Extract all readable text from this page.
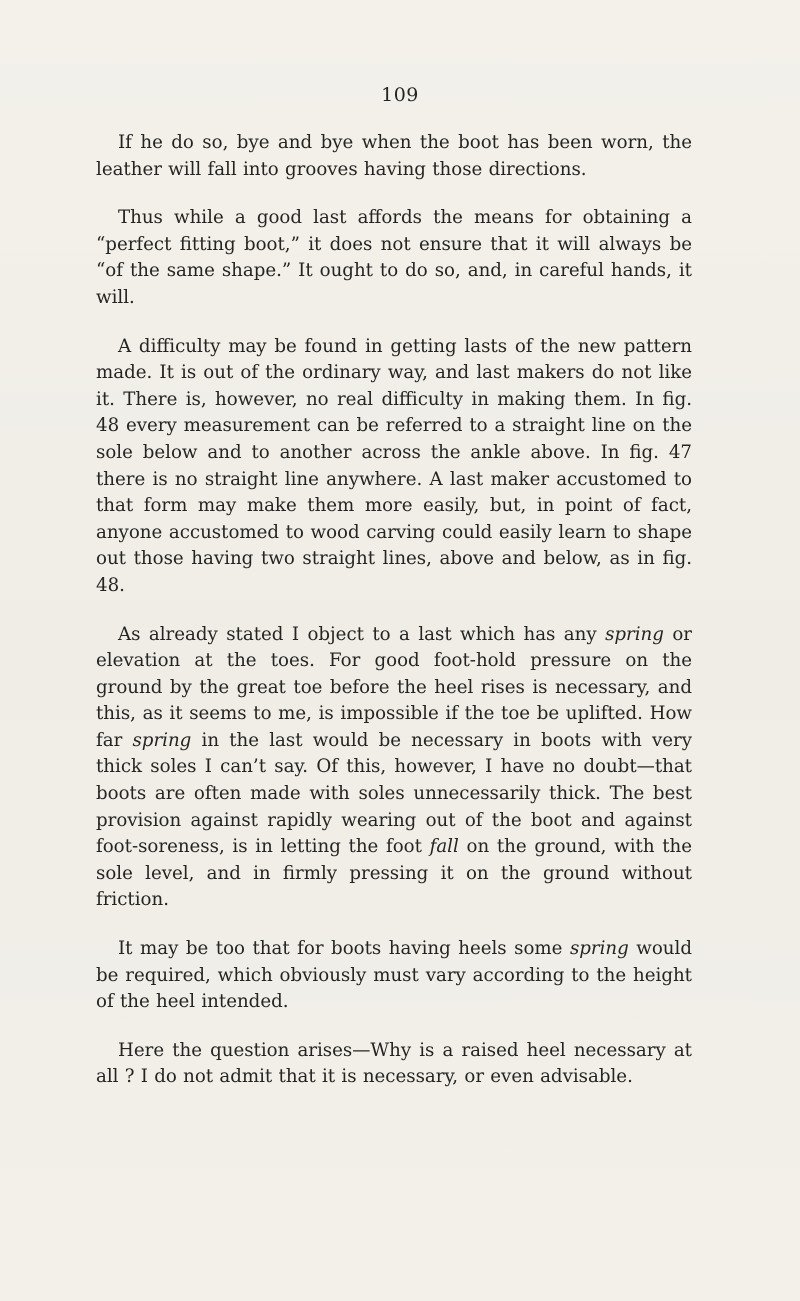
109

If he do so, bye and bye when the boot has been worn, the leather will fall into grooves having those directions.

Thus while a good last affords the means for obtaining a “perfect fitting boot,” it does not ensure that it will always be “of the same shape.” It ought to do so, and, in careful hands, it will.

A difficulty may be found in getting lasts of the new pattern made. It is out of the ordinary way, and last makers do not like it. There is, however, no real difficulty in making them. In fig. 48 every measurement can be referred to a straight line on the sole below and to another across the ankle above. In fig. 47 there is no straight line anywhere. A last maker accustomed to that form may make them more easily, but, in point of fact, anyone accustomed to wood carving could easily learn to shape out those having two straight lines, above and below, as in fig. 48.

As already stated I object to a last which has any spring or elevation at the toes. For good foot-hold pressure on the ground by the great toe before the heel rises is necessary, and this, as it seems to me, is impossible if the toe be uplifted. How far spring in the last would be necessary in boots with very thick soles I can’t say. Of this, however, I have no doubt—that boots are often made with soles unnecessarily thick. The best provision against rapidly wearing out of the boot and against foot-soreness, is in letting the foot fall on the ground, with the sole level, and in firmly pressing it on the ground without friction.

It may be too that for boots having heels some spring would be required, which obviously must vary according to the height of the heel intended.

Here the question arises—Why is a raised heel necessary at all ? I do not admit that it is necessary, or even advisable.
